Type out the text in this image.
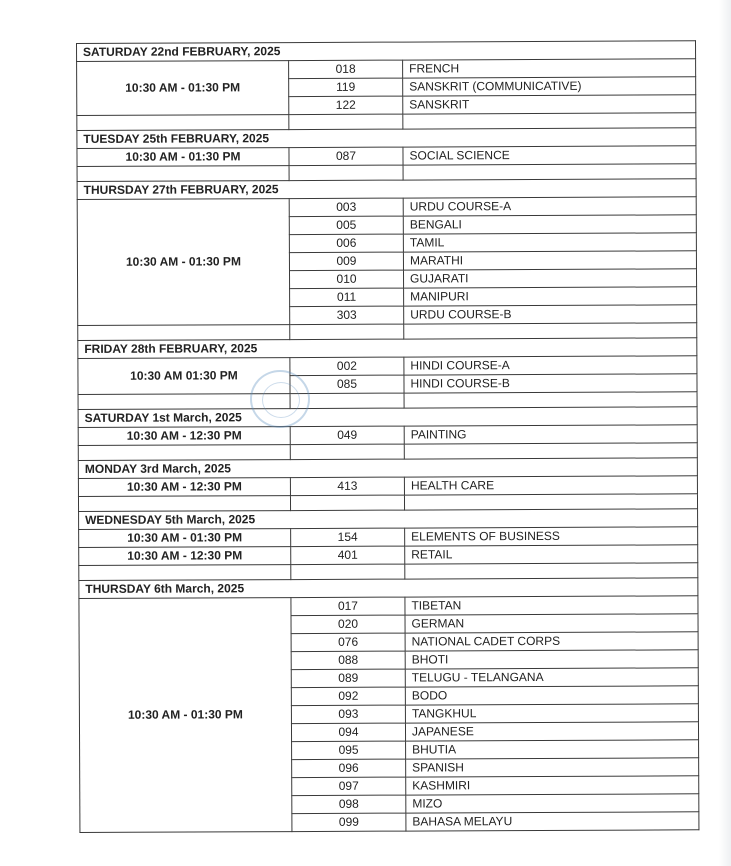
SATURDAY 22nd FEBRUARY, 2025		
10:30 AM - 01:30 PM	018	FRENCH
	119	SANSKRIT (COMMUNICATIVE)
	122	SANSKRIT

TUESDAY 25th FEBRUARY, 2025		
10:30 AM - 01:30 PM	087	SOCIAL SCIENCE

THURSDAY 27th FEBRUARY, 2025		
10:30 AM - 01:30 PM	003	URDU COURSE-A
	005	BENGALI
	006	TAMIL
	009	MARATHI
	010	GUJARATI
	011	MANIPURI
	303	URDU COURSE-B

FRIDAY 28th FEBRUARY, 2025		
10:30 AM 01:30 PM	002	HINDI COURSE-A
	085	HINDI COURSE-B

SATURDAY 1st March, 2025		
10:30 AM - 12:30 PM	049	PAINTING

MONDAY 3rd March, 2025		
10:30 AM - 12:30 PM	413	HEALTH CARE

WEDNESDAY 5th March, 2025		
10:30 AM - 01:30 PM	154	ELEMENTS OF BUSINESS
10:30 AM - 12:30 PM	401	RETAIL

THURSDAY 6th March, 2025		
10:30 AM - 01:30 PM	017	TIBETAN
	020	GERMAN
	076	NATIONAL CADET CORPS
	088	BHOTI
	089	TELUGU - TELANGANA
	092	BODO
	093	TANGKHUL
	094	JAPANESE
	095	BHUTIA
	096	SPANISH
	097	KASHMIRI
	098	MIZO
	099	BAHASA MELAYU
